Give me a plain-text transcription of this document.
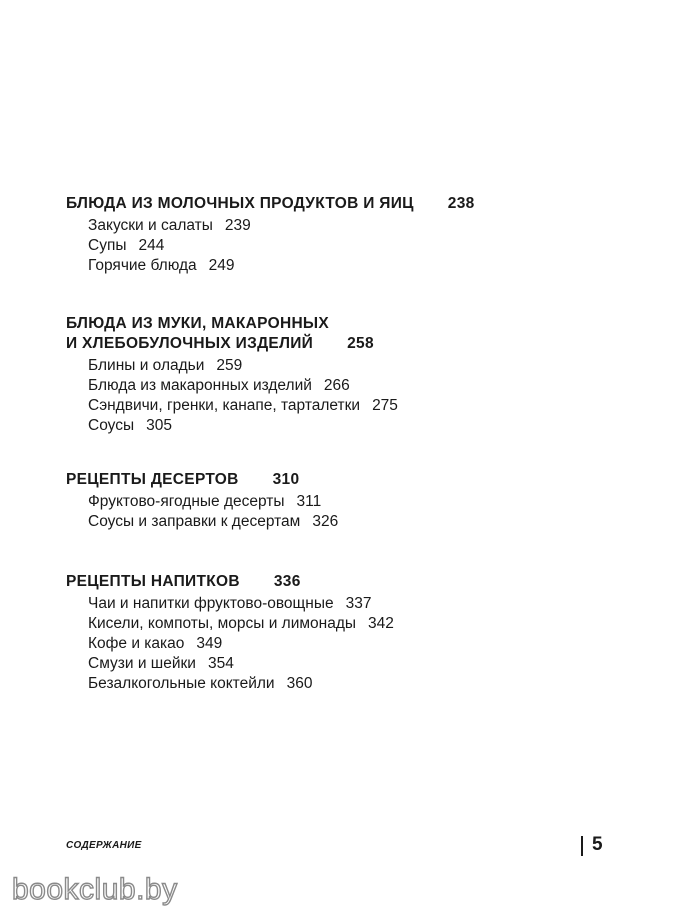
БЛЮДА ИЗ МОЛОЧНЫХ ПРОДУКТОВ И ЯИЦ 238
Закуски и салаты 239
Супы 244
Горячие блюда 249
БЛЮДА ИЗ МУКИ, МАКАРОННЫХ
И ХЛЕБОБУЛОЧНЫХ ИЗДЕЛИЙ 258
Блины и оладьи 259
Блюда из макаронных изделий 266
Сэндвичи, гренки, канапе, тарталетки 275
Соусы 305
РЕЦЕПТЫ ДЕСЕРТОВ 310
Фруктово-ягодные десерты 311
Соусы и заправки к десертам 326
РЕЦЕПТЫ НАПИТКОВ 336
Чаи и напитки фруктово-овощные 337
Кисели, компоты, морсы и лимонады 342
Кофе и какао 349
Смузи и шейки 354
Безалкогольные коктейли 360
СОДЕРЖАНИЕ	5
bookclub.by
